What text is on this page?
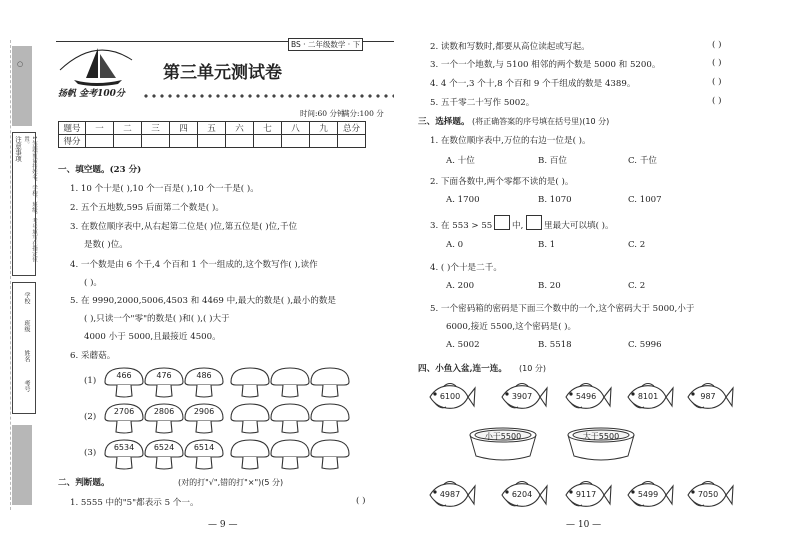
○
注意事项	1.答题前请将姓名、学校、班级、考号填写在指定位置。
学校
班级
姓名
考号
扬帆 金考100分
BS · 二年级数学 · 下
第三单元测试卷
时间:60 分钟
满分:100 分
题号	一	二	三	四	五	六	七	八	九	总分
得分										
一、填空题。(23 分)
1. 10 个十是( ),10 个一百是( ),10 个一千是( )。
2. 五个五地数,595 后面第二个数是( )。
3. 在数位顺序表中,从右起第二位是( )位,第五位是( )位,千位
是数( )位。
4. 一个数是由 6 个千,4 个百和 1 个一组成的,这个数写作( ),读作
( )。
5. 在 9990,2000,5006,4503 和 4469 中,最大的数是( ),最小的数是
( ),只读一个"零"的数是( )和( ),( )大于
4000 小于 5000,且最接近 4500。
6. 采蘑菇。
(1)
(2)
(3)
466	476	486
2706	2806	2906
6534	6524	6514
二、判断题。	(对的打"√",错的打"×")(5 分)
1. 5555 中的"5"都表示 5 个一。	( )
— 9 —
2. 读数和写数时,都要从高位读起或写起。	( )
3. 一个一个地数,与 5100 相邻的两个数是 5000 和 5200。	( )
4. 4 个一,3 个十,8 个百和 9 个千组成的数是 4389。	( )
5. 五千零二十写作 5002。	( )
三、选择题。 (将正确答案的序号填在括号里)(10 分)
1. 在数位顺序表中,万位的右边一位是( )。
A. 十位	B. 百位	C. 千位
2. 下面各数中,两个零都不读的是( )。
A. 1700	B. 1070	C. 1007
3. 在 553 > 55 中, 里最大可以填( )。
A. 0	B. 1	C. 2
4. ( )个十是二千。
A. 200	B. 20	C. 2
5. 一个密码箱的密码是下面三个数中的一个,这个密码大于 5000,小于
6000,接近 5500,这个密码是( )。
A. 5002	B. 5518	C. 5996
四、小鱼入盆,连一连。 (10 分)
6100	3907	5496	8101	987
4987	6204	9117	5499	7050
小于5500	大于5500
— 10 —
